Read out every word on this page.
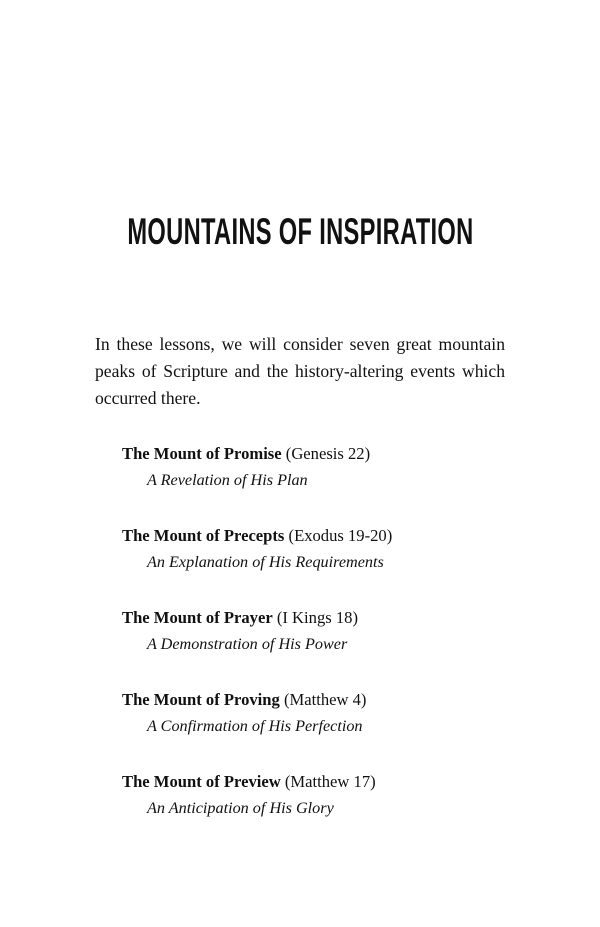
MOUNTAINS OF INSPIRATION

In these lessons, we will consider seven great mountain peaks of Scripture and the history-altering events which occurred there.

The Mount of Promise (Genesis 22)
A Revelation of His Plan
The Mount of Precepts (Exodus 19-20)
An Explanation of His Requirements
The Mount of Prayer (I Kings 18)
A Demonstration of His Power
The Mount of Proving (Matthew 4)
A Confirmation of His Perfection
The Mount of Preview (Matthew 17)
An Anticipation of His Glory
